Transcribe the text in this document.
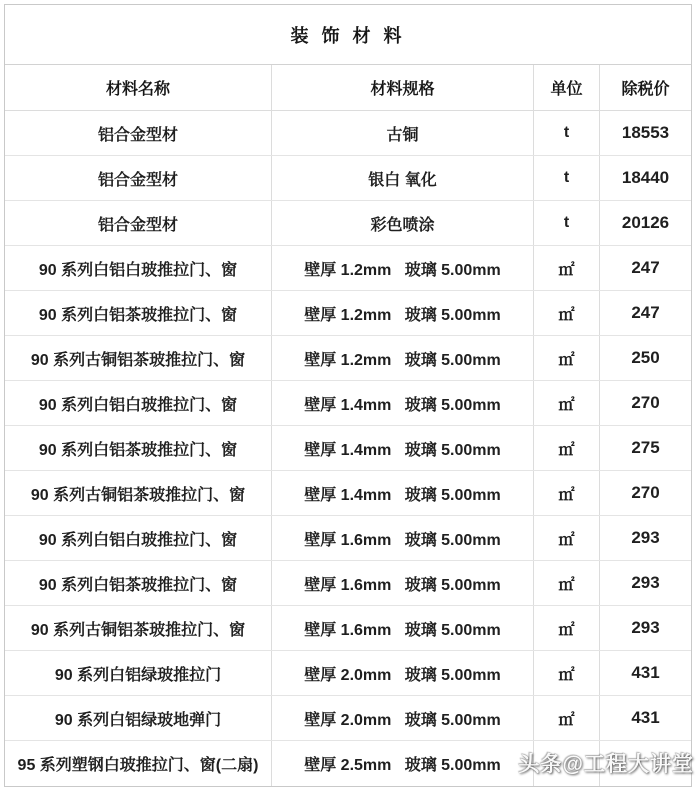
装 饰 材 料
材料名称	材料规格	单位	除税价
铝合金型材	古铜	t	18553
铝合金型材	银白 氧化	t	18440
铝合金型材	彩色喷涂	t	20126
90 系列白铝白玻推拉门、窗	壁厚 1.2mm   玻璃 5.00mm	㎡	247
90 系列白铝茶玻推拉门、窗	壁厚 1.2mm   玻璃 5.00mm	㎡	247
90 系列古铜铝茶玻推拉门、窗	壁厚 1.2mm   玻璃 5.00mm	㎡	250
90 系列白铝白玻推拉门、窗	壁厚 1.4mm   玻璃 5.00mm	㎡	270
90 系列白铝茶玻推拉门、窗	壁厚 1.4mm   玻璃 5.00mm	㎡	275
90 系列古铜铝茶玻推拉门、窗	壁厚 1.4mm   玻璃 5.00mm	㎡	270
90 系列白铝白玻推拉门、窗	壁厚 1.6mm   玻璃 5.00mm	㎡	293
90 系列白铝茶玻推拉门、窗	壁厚 1.6mm   玻璃 5.00mm	㎡	293
90 系列古铜铝茶玻推拉门、窗	壁厚 1.6mm   玻璃 5.00mm	㎡	293
90 系列白铝绿玻推拉门	壁厚 2.0mm   玻璃 5.00mm	㎡	431
90 系列白铝绿玻地弹门	壁厚 2.0mm   玻璃 5.00mm	㎡	431
95 系列塑钢白玻推拉门、窗(二扇)	壁厚 2.5mm   玻璃 5.00mm 头条@工程大讲堂
